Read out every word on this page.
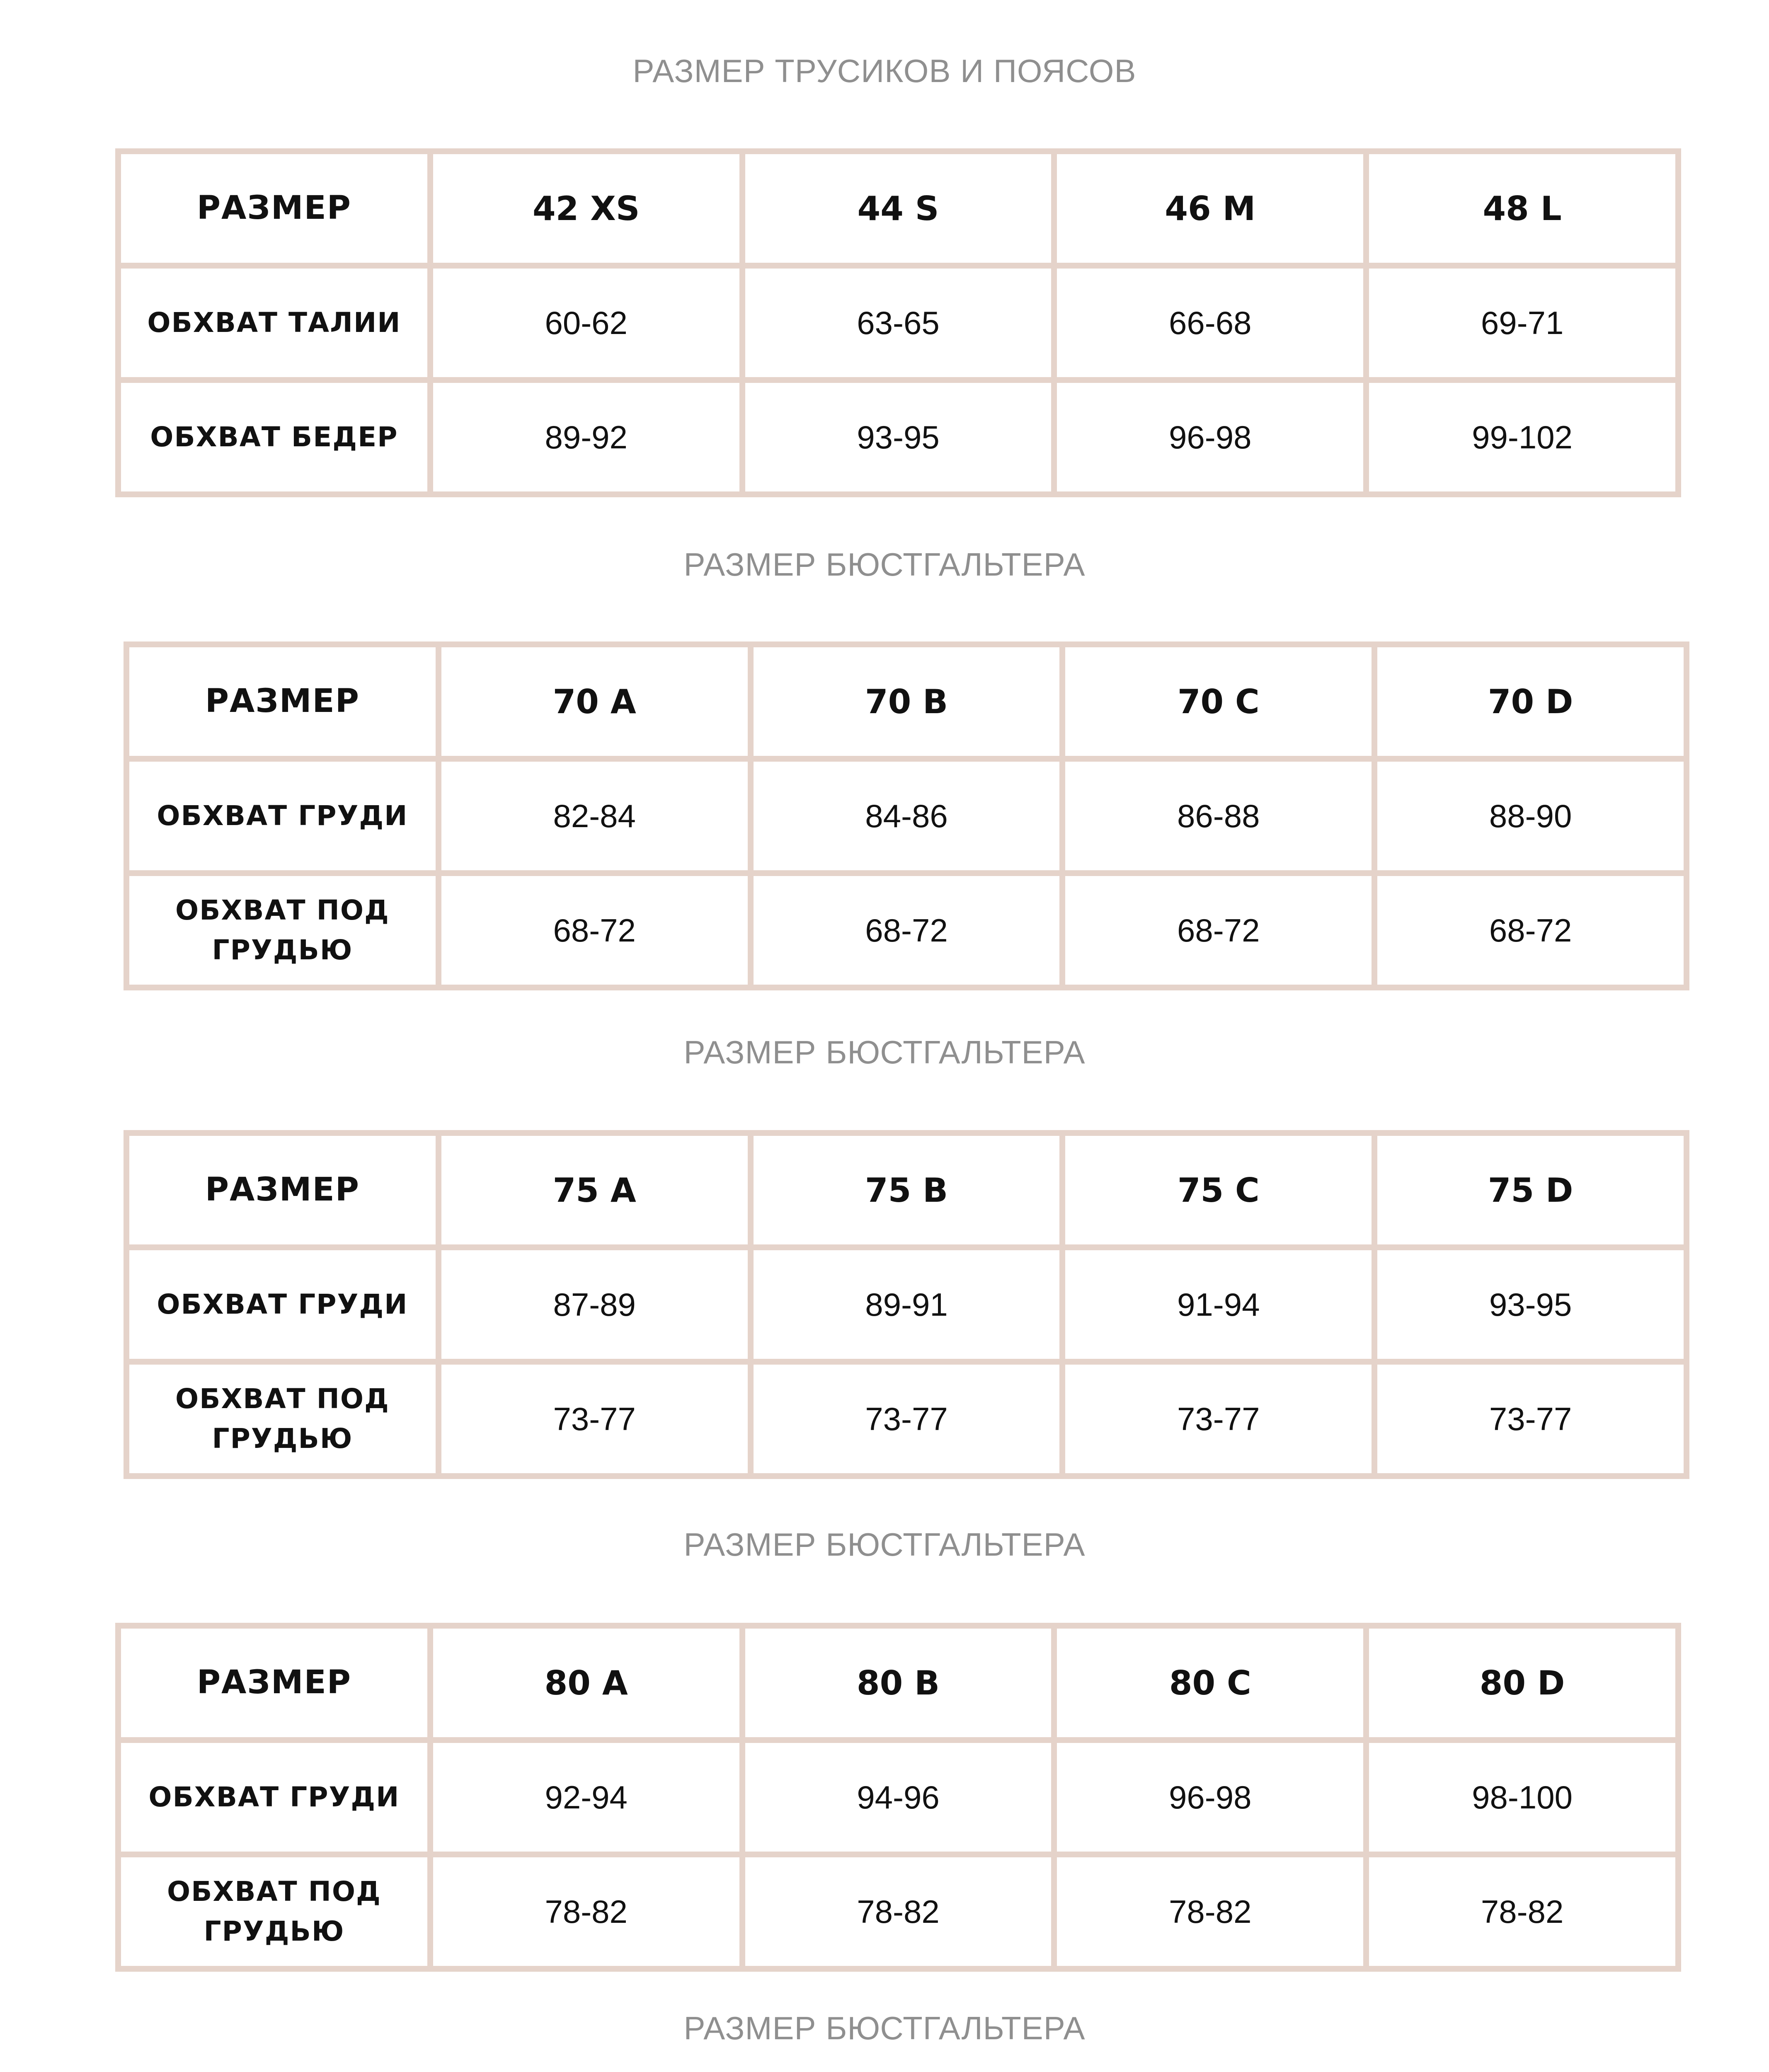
РАЗМЕР ТРУСИКОВ И ПОЯСОВ
РАЗМЕР	42 XS	44 S	46 M	48 L
ОБХВАТ ТАЛИИ	60-62	63-65	66-68	69-71
ОБХВАТ БЕДЕР	89-92	93-95	96-98	99-102
РАЗМЕР БЮСТГАЛЬТЕРА
РАЗМЕР	70 A	70 B	70 C	70 D
ОБХВАТ ГРУДИ	82-84	84-86	86-88	88-90
ОБХВАТ ПОД ГРУДЬЮ	68-72	68-72	68-72	68-72
РАЗМЕР БЮСТГАЛЬТЕРА
РАЗМЕР	75 A	75 B	75 C	75 D
ОБХВАТ ГРУДИ	87-89	89-91	91-94	93-95
ОБХВАТ ПОД ГРУДЬЮ	73-77	73-77	73-77	73-77
РАЗМЕР БЮСТГАЛЬТЕРА
РАЗМЕР	80 A	80 B	80 C	80 D
ОБХВАТ ГРУДИ	92-94	94-96	96-98	98-100
ОБХВАТ ПОД ГРУДЬЮ	78-82	78-82	78-82	78-82
РАЗМЕР БЮСТГАЛЬТЕРА
